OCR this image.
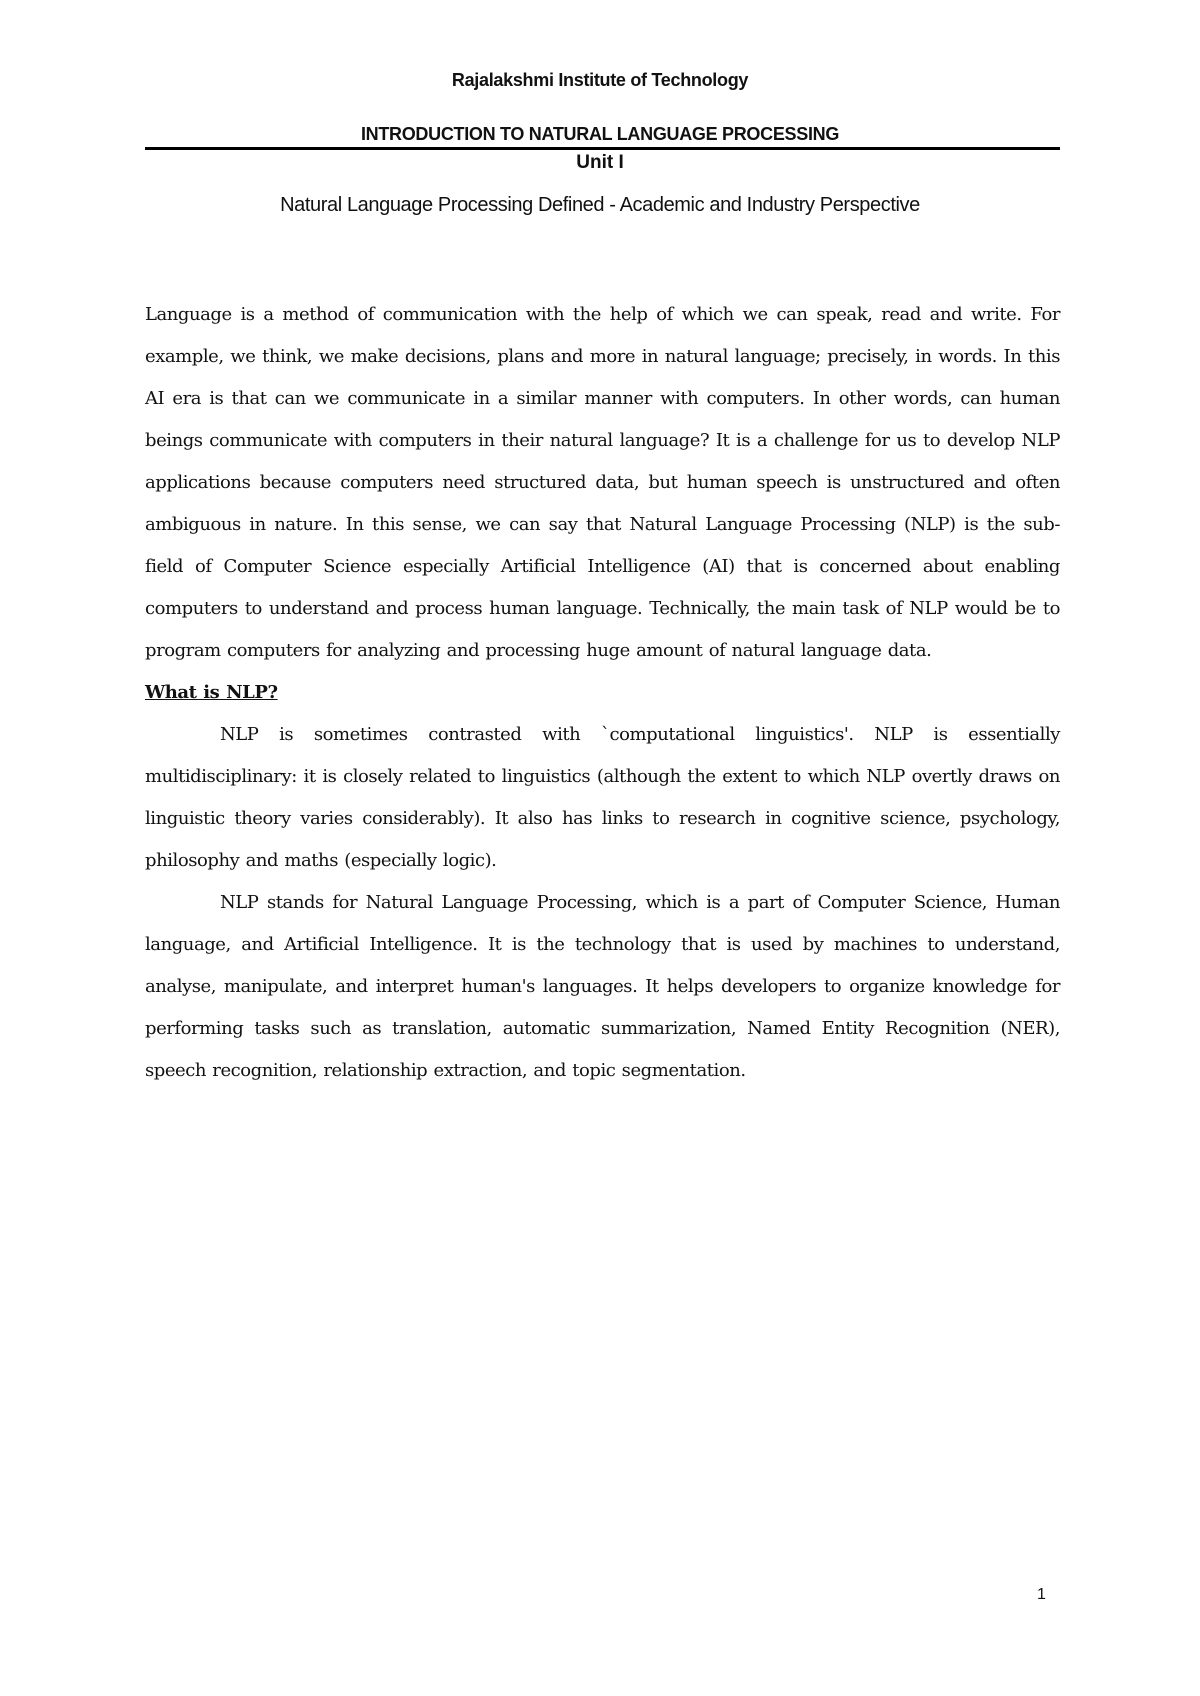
Rajalakshmi Institute of Technology
INTRODUCTION TO NATURAL LANGUAGE PROCESSING
Unit I
Natural Language Processing Defined - Academic and Industry Perspective

Language is a method of communication with the help of which we can speak, read and write. For example, we think, we make decisions, plans and more in natural language; precisely, in words. In this AI era is that can we communicate in a similar manner with computers. In other words, can human beings communicate with computers in their natural language? It is a challenge for us to develop NLP applications because computers need structured data, but human speech is unstructured and often ambiguous in nature. In this sense, we can say that Natural Language Processing (NLP) is the sub-field of Computer Science especially Artificial Intelligence (AI) that is concerned about enabling computers to understand and process human language. Technically, the main task of NLP would be to program computers for analyzing and processing huge amount of natural language data.

What is NLP?

NLP is sometimes contrasted with `computational linguistics'. NLP is essentially multidisciplinary: it is closely related to linguistics (although the extent to which NLP overtly draws on linguistic theory varies considerably). It also has links to research in cognitive science, psychology, philosophy and maths (especially logic).

NLP stands for Natural Language Processing, which is a part of Computer Science, Human language, and Artificial Intelligence. It is the technology that is used by machines to understand, analyse, manipulate, and interpret human's languages. It helps developers to organize knowledge for performing tasks such as translation, automatic summarization, Named Entity Recognition (NER), speech recognition, relationship extraction, and topic segmentation.

1
